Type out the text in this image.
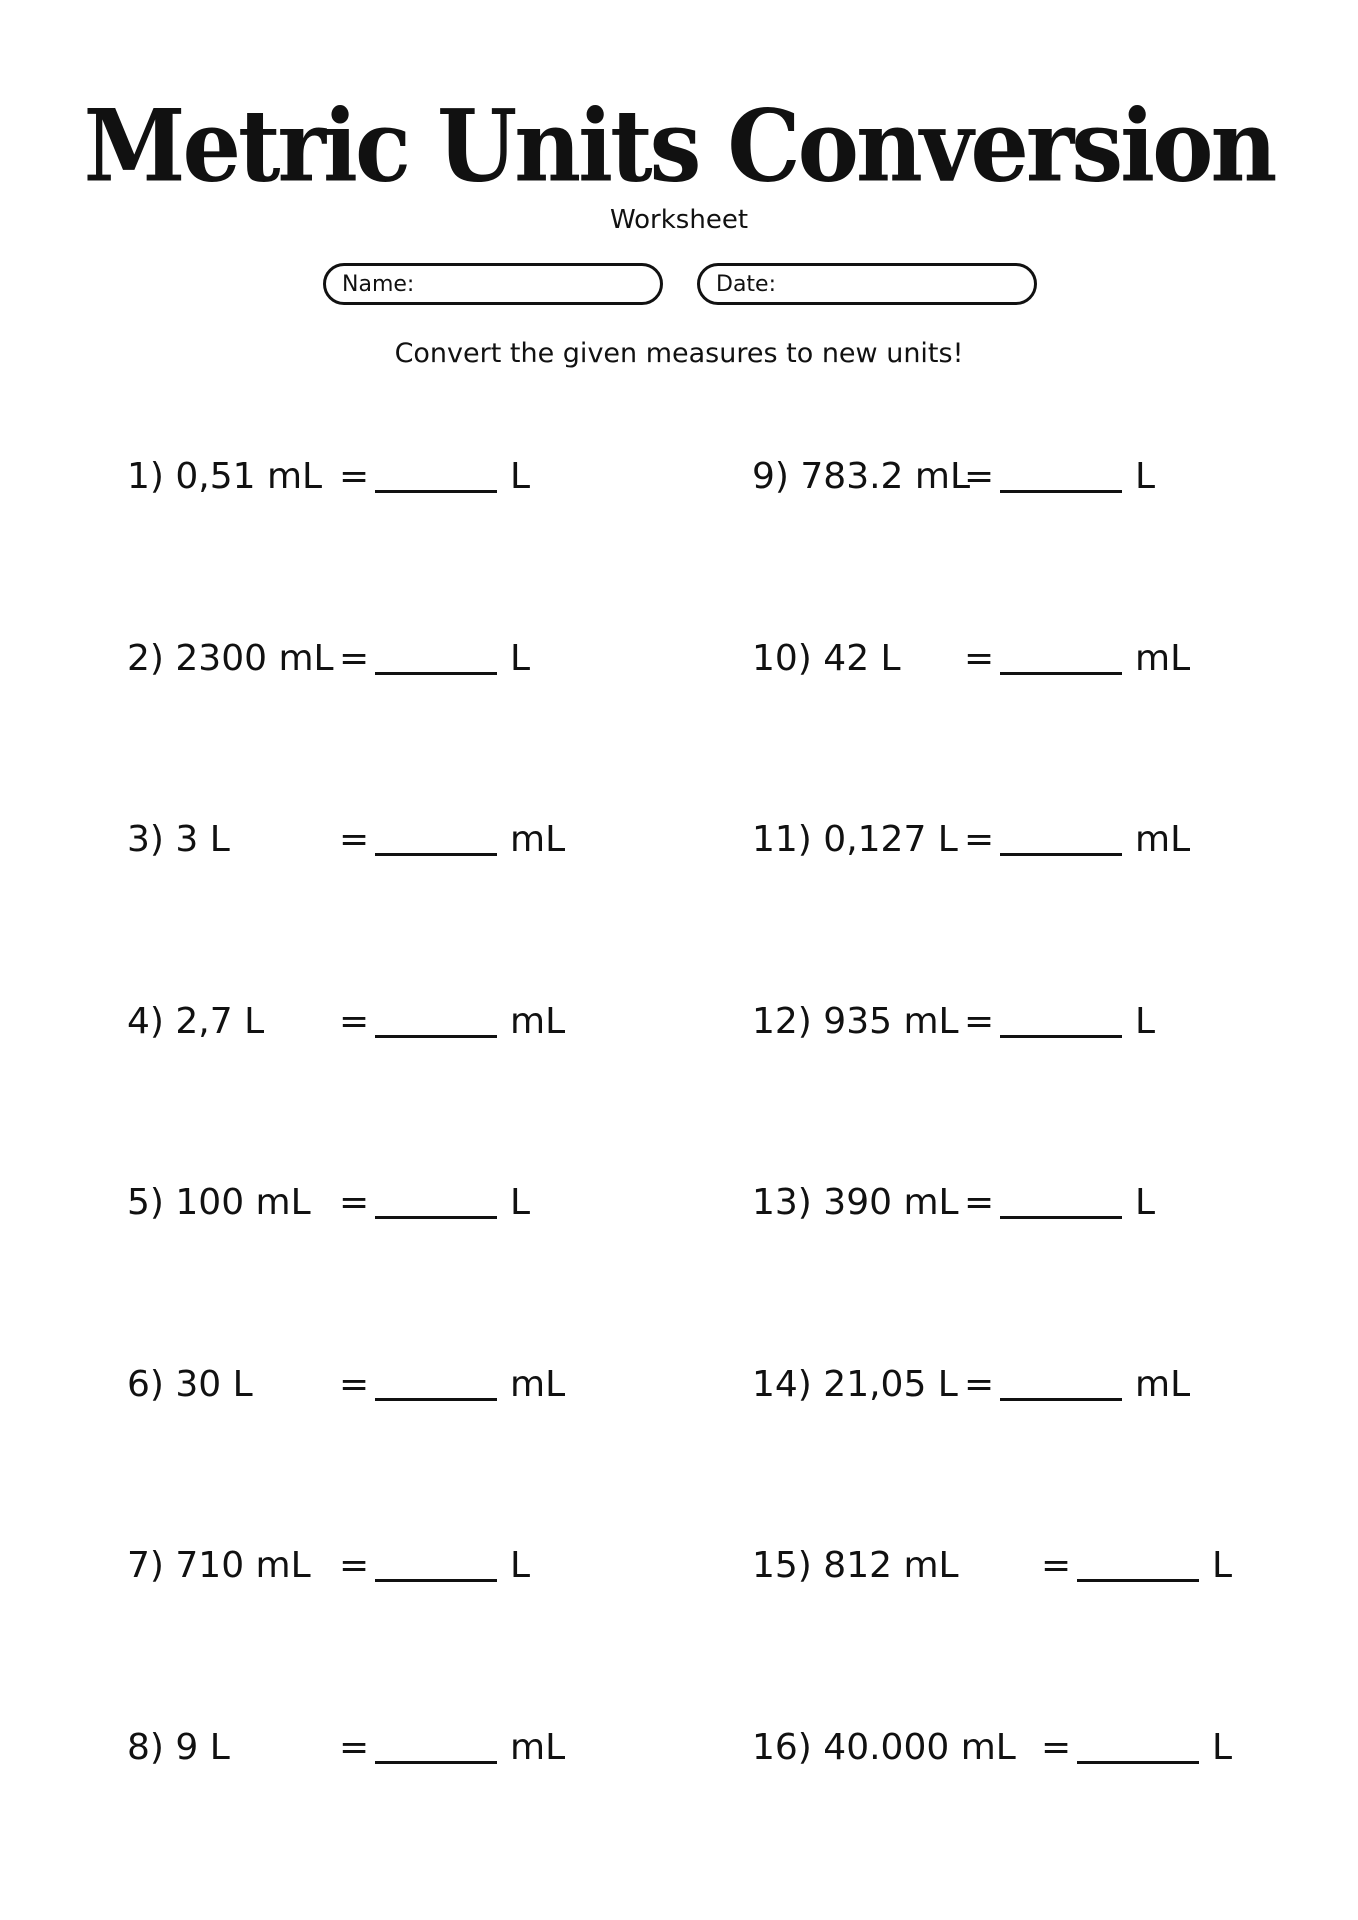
Metric Units Conversion
Worksheet
Name:	Date:
Convert the given measures to new units!
1) 0,51 mL =	L
2) 2300 mL =	L
3) 3 L	=	mL
4) 2,7 L =	mL
5) 100 mL =	L
6) 30 L =	mL
7) 710 mL =	L
8) 9 L	=	mL
9) 783.2 mL
=	L
10) 42 L =	mL
11) 0,127 L =	mL
12) 935 mL =	L
13) 390 mL =	L
14) 21,05 L =	mL
15) 812 mL =	L
16) 40.000 mL =	L
